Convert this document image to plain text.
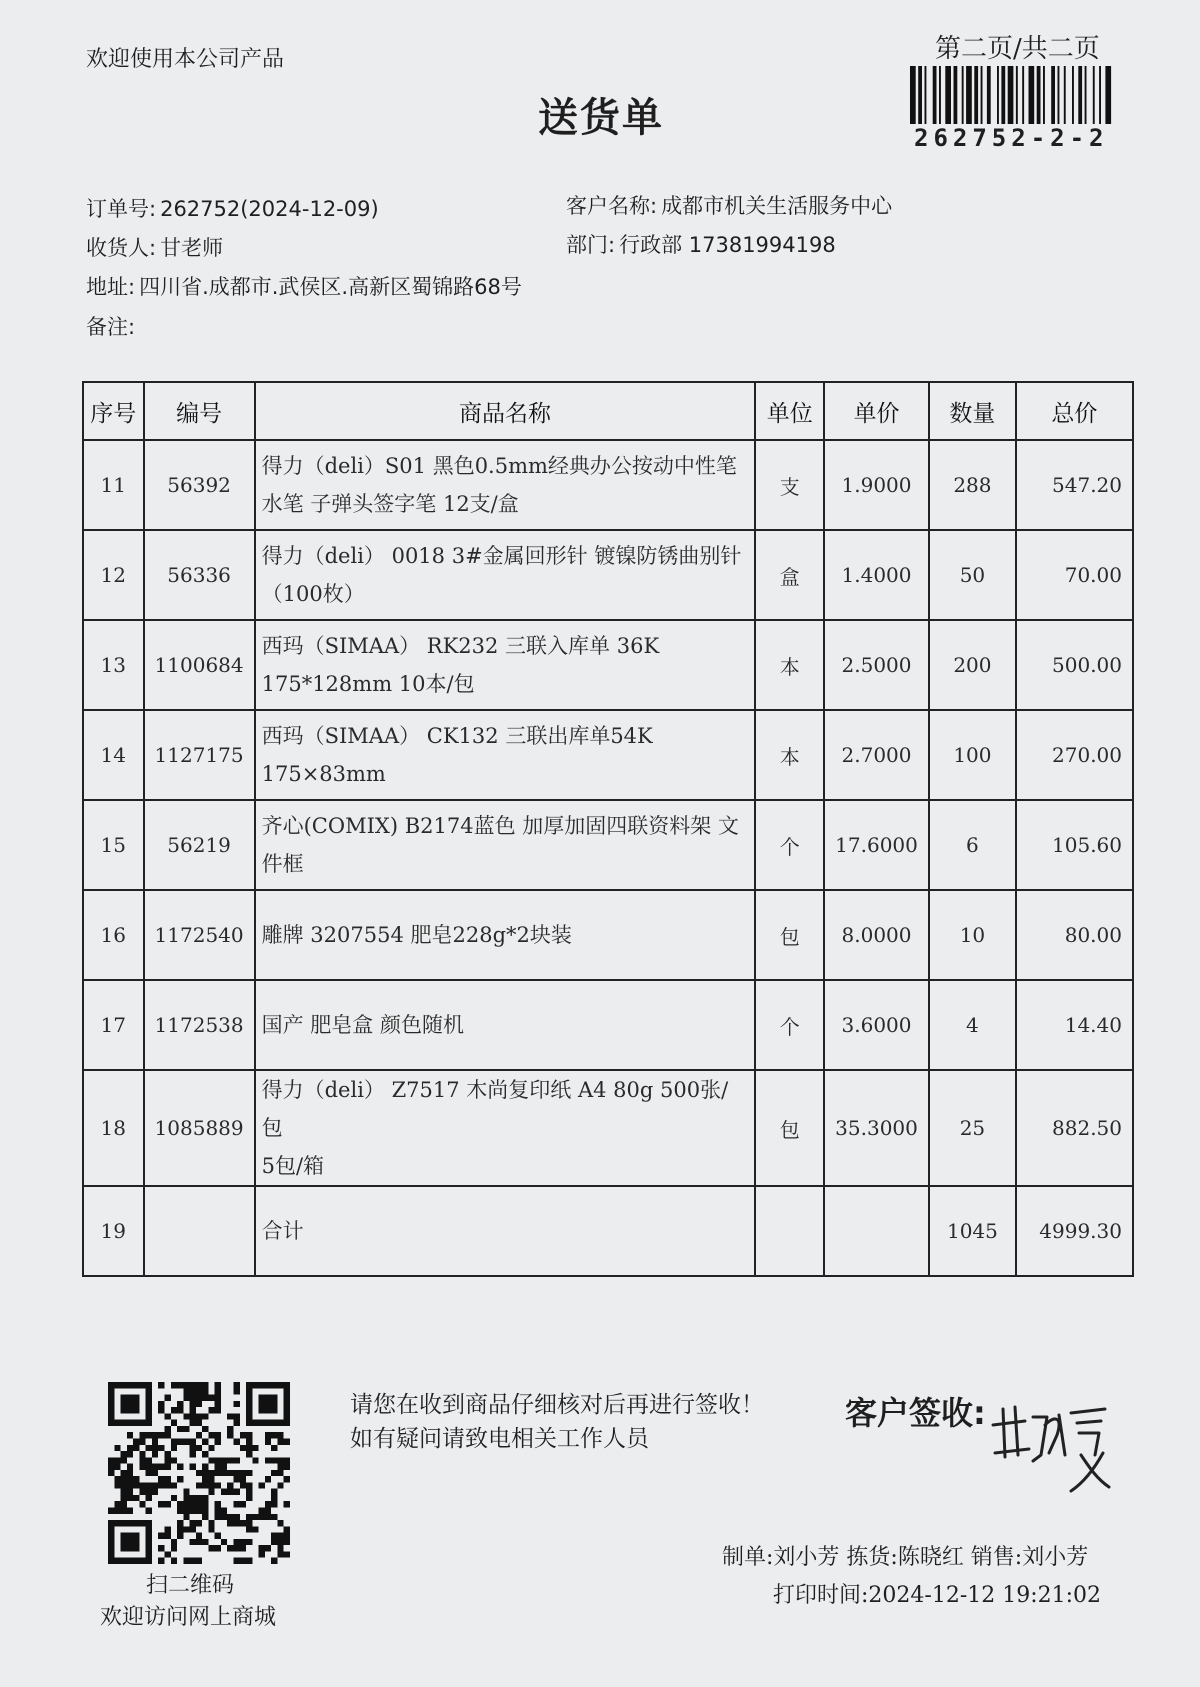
欢迎使用本公司产品
送货单
第二页/共二页
262752-2-2
订单号: 262752(2024-12-09)	客户名称: 成都市机关生活服务中心
收货人: 甘老师	部门: 行政部 17381994198
地址: 四川省.成都市.武侯区.高新区蜀锦路68号
备注:
序号	编号	商品名称	单位	单价	数量	总价
11	56392	得力（deli）S01 黑色0.5mm经典办公按动中性笔
水笔 子弹头签字笔 12支/盒	支	1.9000	288	547.20
12	56336	得力（deli） 0018 3#金属回形针 镀镍防锈曲别针
（100枚）	盒	1.4000	50	70.00
13	1100684	西玛（SIMAA） RK232 三联入库单 36K
175*128mm 10本/包	本	2.5000	200	500.00
14	1127175	西玛（SIMAA） CK132 三联出库单54K
175×83mm	本	2.7000	100	270.00
15	56219	齐心(COMIX) B2174蓝色 加厚加固四联资料架 文
件框	个	17.6000	6	105.60
16	1172540	雕牌 3207554 肥皂228g*2块装	包	8.0000	10	80.00
17	1172538	国产 肥皂盒 颜色随机	个	3.6000	4	14.40
18	1085889	得力（deli） Z7517 木尚复印纸 A4 80g 500张/包
5包/箱	包	35.3000	25	882.50
19		合计			1045	4999.30
扫二维码
欢迎访问网上商城
请您在收到商品仔细核对后再进行签收！如有疑问请致电相关工作人员
客户签收:
制单:刘小芳 拣货:陈晓红 销售:刘小芳
打印时间:2024-12-12 19:21:02
